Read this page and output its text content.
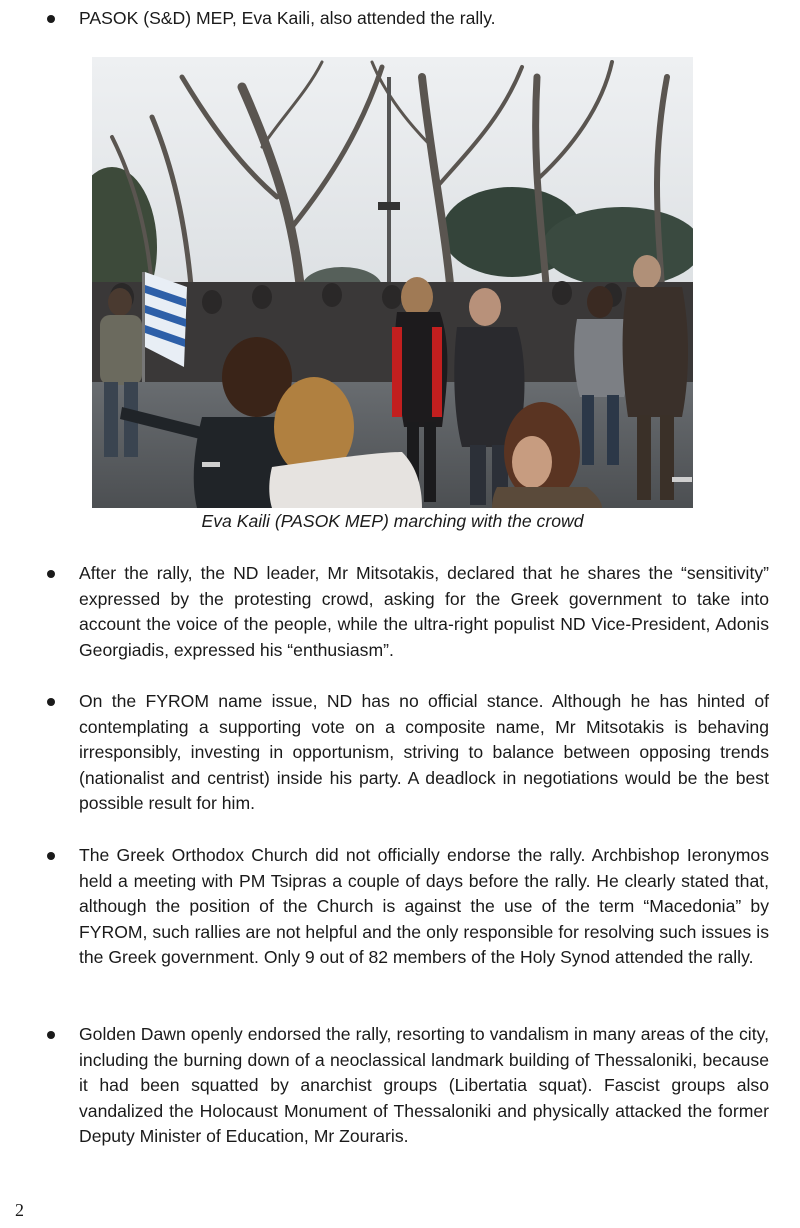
PASOK (S&D) MEP, Eva Kaili, also attended the rally.

Eva Kaili (PASOK MEP) marching with the crowd

After the rally, the ND leader, Mr Mitsotakis, declared that he shares the “sensitivity” expressed by the protesting crowd, asking for the Greek government to take into account the voice of the people, while the ultra-right populist ND Vice-President, Adonis Georgiadis, expressed his “enthusiasm”.

On the FYROM name issue, ND has no official stance. Although he has hinted of contemplating a supporting vote on a composite name, Mr Mitsotakis is behaving irresponsibly, investing in opportunism, striving to balance between opposing trends (nationalist and centrist) inside his party. A deadlock in negotiations would be the best possible result for him.

The Greek Orthodox Church did not officially endorse the rally. Archbishop Ieronymos held a meeting with PM Tsipras a couple of days before the rally. He clearly stated that, although the position of the Church is against the use of the term “Macedonia” by FYROM, such rallies are not helpful and the only responsible for resolving such issues is the Greek government. Only 9 out of 82 members of the Holy Synod attended the rally.

Golden Dawn openly endorsed the rally, resorting to vandalism in many areas of the city, including the burning down of a neoclassical landmark building of Thessaloniki, because it had been squatted by anarchist groups (Libertatia squat). Fascist groups also vandalized the Holocaust Monument of Thessaloniki and physically attacked the former Deputy Minister of Education, Mr Zouraris.

2
